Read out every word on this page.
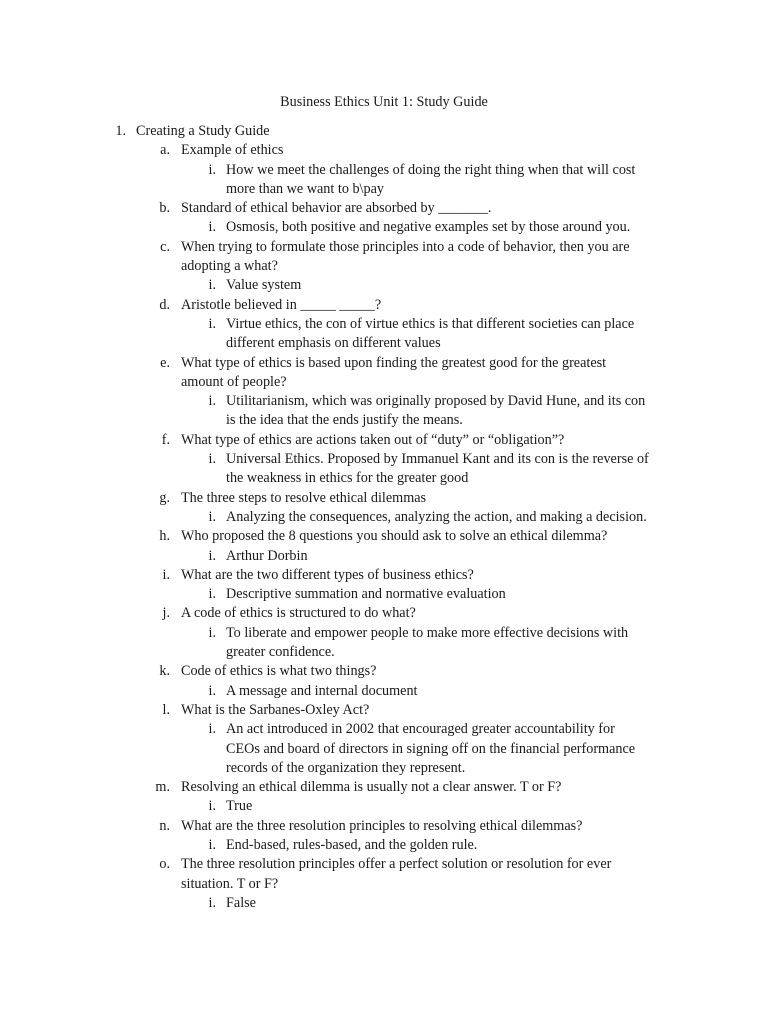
Business Ethics Unit 1: Study Guide
1. Creating a Study Guide
a. Example of ethics
i. How we meet the challenges of doing the right thing when that will cost
more than we want to b\pay
b. Standard of ethical behavior are absorbed by _______.
i. Osmosis, both positive and negative examples set by those around you.
c. When trying to formulate those principles into a code of behavior, then you are
adopting a what?
i. Value system
d. Aristotle believed in _____ _____?
i. Virtue ethics, the con of virtue ethics is that different societies can place
different emphasis on different values
e. What type of ethics is based upon finding the greatest good for the greatest
amount of people?
i. Utilitarianism, which was originally proposed by David Hune, and its con
is the idea that the ends justify the means.
f. What type of ethics are actions taken out of “duty” or “obligation”?
i. Universal Ethics. Proposed by Immanuel Kant and its con is the reverse of
the weakness in ethics for the greater good
g. The three steps to resolve ethical dilemmas
i. Analyzing the consequences, analyzing the action, and making a decision.
h. Who proposed the 8 questions you should ask to solve an ethical dilemma?
i. Arthur Dorbin
i. What are the two different types of business ethics?
i. Descriptive summation and normative evaluation
j. A code of ethics is structured to do what?
i. To liberate and empower people to make more effective decisions with
greater confidence.
k. Code of ethics is what two things?
i. A message and internal document
l. What is the Sarbanes-Oxley Act?
i. An act introduced in 2002 that encouraged greater accountability for
CEOs and board of directors in signing off on the financial performance
records of the organization they represent.
m. Resolving an ethical dilemma is usually not a clear answer. T or F?
i. True
n. What are the three resolution principles to resolving ethical dilemmas?
i. End-based, rules-based, and the golden rule.
o. The three resolution principles offer a perfect solution or resolution for ever
situation. T or F?
i. False
